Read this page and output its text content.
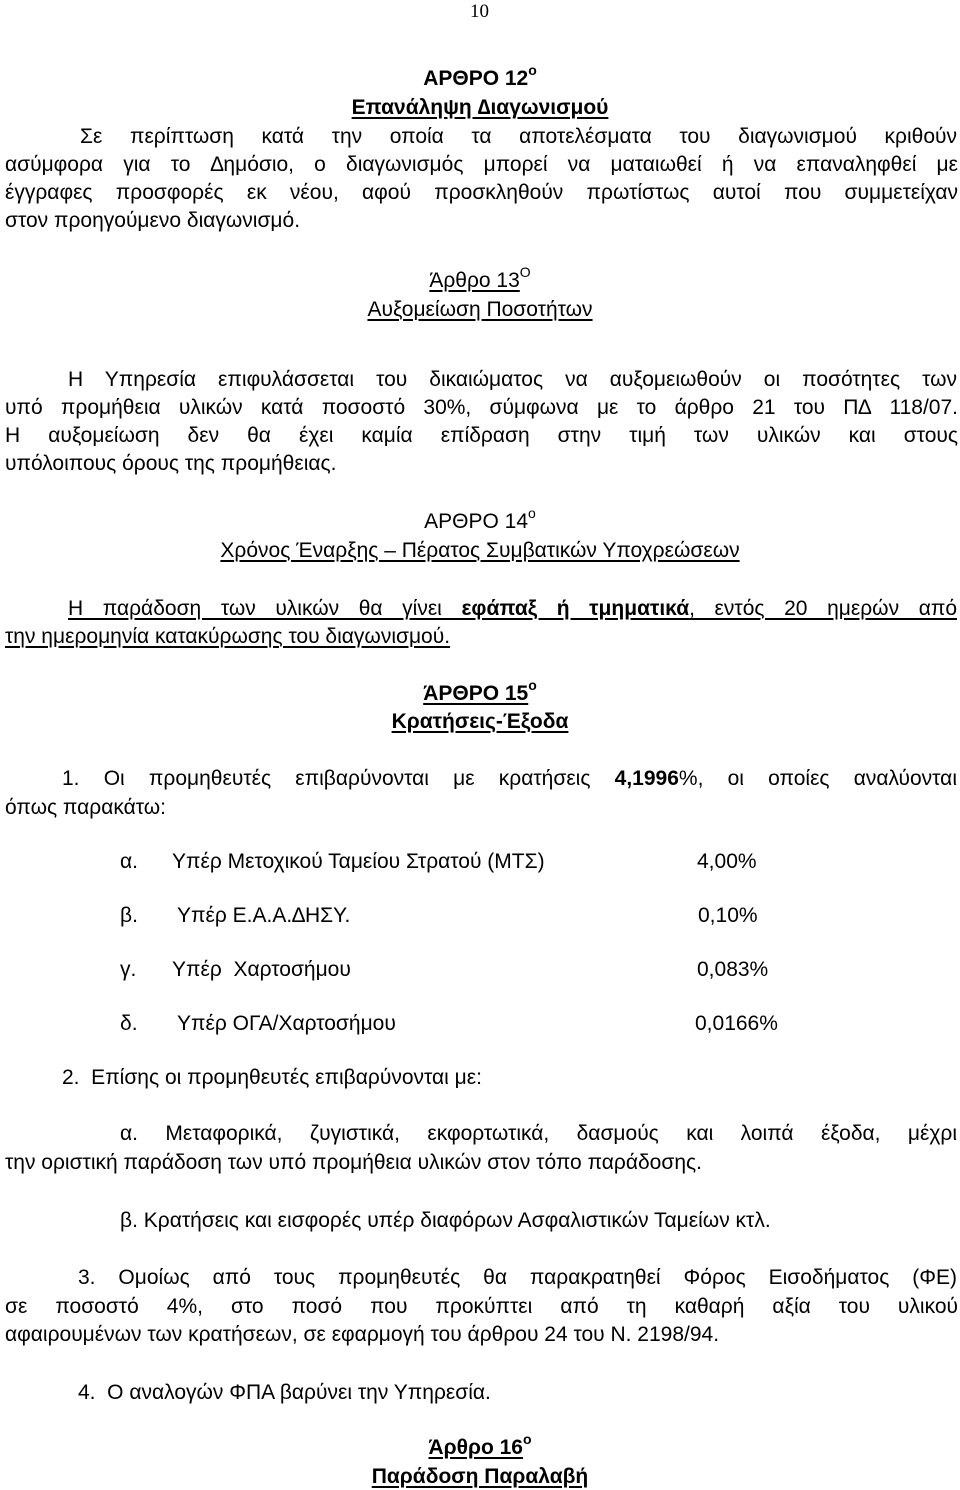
10
ΑΡΘΡΟ $12^o$
Επανάληψη ∆ιαγωνισμού
Σε περίπτωση κατά την οποία τα αποτελέσματα του διαγωνισμού κριθούν
ασύμφορα για το ∆ημόσιο, ο διαγωνισμός μπορεί να ματαιωθεί ή να επαναληφθεί με
έγγραφες προσφορές εκ νέου, αφού προσκληθούν πρωτίστως αυτοί που συμμετείχαν
στον προηγούμενο διαγωνισμό.
Άρθρο $13^O$
Αυξομείωση Ποσοτήτων
Η Υπηρεσία επιφυλάσσεται του δικαιώματος να αυξομειωθούν οι ποσότητες των
υπό προμήθεια υλικών κατά ποσοστό 30%, σύμφωνα με το άρθρο 21 του Π∆ 118/07.
Η αυξομείωση δεν θα έχει καμία επίδραση στην τιμή των υλικών και στους
υπόλοιπους όρους της προμήθειας.
ΑΡΘΡΟ $14^o$
Χρόνος Έναρξης – Πέρατος Συμβατικών Υποχρεώσεων
Η παράδοση των υλικών θα γίνει εφάπαξ ή τμηματικά, εντός 20 ημερών από
την ημερομηνία κατακύρωσης του διαγωνισμού.
ΆΡΘΡΟ $15^o$
Κρατήσεις-Έξοδα
1. Οι προμηθευτές επιβαρύνονται με κρατήσεις 4,1996%, οι οποίες αναλύονται
όπως παρακάτω:
α. Υπέρ Μετοχικού Ταμείου Στρατού (ΜΤΣ)	4,00%
β. Υπέρ Ε.Α.Α.∆ΗΣΥ.	0,10%
γ. Υπέρ  Χαρτοσήμου	0,083%
δ. Υπέρ ΟΓΑ/Χαρτοσήμου	0,0166%
2.  Επίσης οι προμηθευτές επιβαρύνονται με:
α. Μεταφορικά, ζυγιστικά, εκφορτωτικά, δασμούς και λοιπά έξοδα, μέχρι
την οριστική παράδοση των υπό προμήθεια υλικών στον τόπο παράδοσης.
β. Κρατήσεις και εισφορές υπέρ διαφόρων Ασφαλιστικών Ταμείων κτλ.
3. Ομοίως από τους προμηθευτές θα παρακρατηθεί Φόρος Εισοδήματος (ΦΕ)
σε ποσοστό 4%, στο ποσό που προκύπτει από τη καθαρή αξία του υλικού
αφαιρουμένων των κρατήσεων, σε εφαρμογή του άρθρου 24 του Ν. 2198/94.
4.  Ο αναλογών ΦΠΑ βαρύνει την Υπηρεσία.
Άρθρο $16^o$
Παράδοση Παραλαβή
